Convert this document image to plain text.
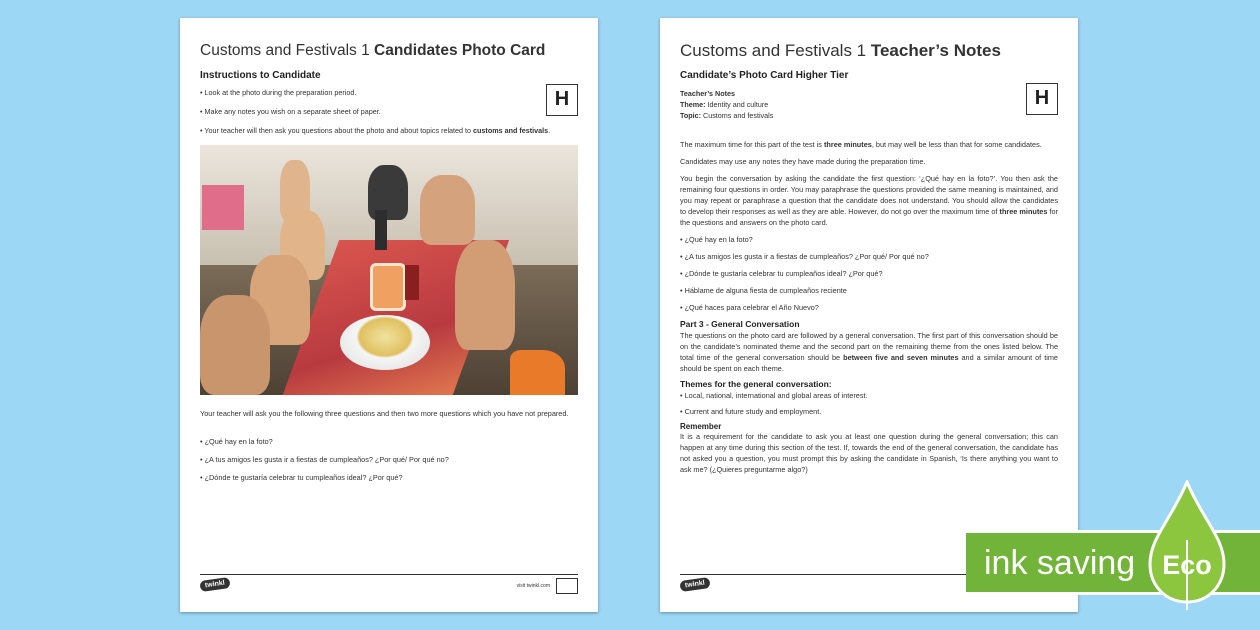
Customs and Festivals 1 Candidates Photo Card
Instructions to Candidate
H
• Look at the photo during the preparation period.
• Make any notes you wish on a separate sheet of paper.
• Your teacher will then ask you questions about the photo and about topics related to customs and festivals.
Your teacher will ask you the following three questions and then two more questions which you have not prepared.
• ¿Qué hay en la foto?
• ¿A tus amigos les gusta ir a fiestas de cumpleaños? ¿Por qué/ Por qué no?
• ¿Dónde te gustaría celebrar tu cumpleaños ideal? ¿Por qué?
twinkl	visit twinkl.com
Customs and Festivals 1 Teacher’s Notes
Candidate’s Photo Card Higher Tier
H
Teacher’s Notes
Theme: Identity and culture
Topic: Customs and festivals
The maximum time for this part of the test is three minutes, but may well be less than that for some candidates.
Candidates may use any notes they have made during the preparation time.
You begin the conversation by asking the candidate the first question: ‘¿Qué hay en la foto?’. You then ask the remaining four questions in order. You may paraphrase the questions provided the same meaning is maintained, and you may repeat or paraphrase a question that the candidate does not understand. You should allow the candidates to develop their responses as well as they are able. However, do not go over the maximum time of three minutes for the questions and answers on the photo card.
• ¿Qué hay en la foto?
• ¿A tus amigos les gusta ir a fiestas de cumpleaños? ¿Por qué/ Por qué no?
• ¿Dónde te gustaría celebrar tu cumpleaños ideal? ¿Por qué?
• Háblame de alguna fiesta de cumpleaños reciente
• ¿Qué haces para celebrar el Año Nuevo?
Part 3 - General Conversation
The questions on the photo card are followed by a general conversation. The first part of this conversation should be on the candidate’s nominated theme and the second part on the remaining theme from the ones listed below. The total time of the general conversation should be between five and seven minutes and a similar amount of time should be spent on each theme.
Themes for the general conversation:
• Local, national, international and global areas of interest.
• Current and future study and employment.
Remember
It is a requirement for the candidate to ask you at least one question during the general conversation; this can happen at any time during this section of the test. If, towards the end of the general conversation, the candidate has not asked you a question, you must prompt this by asking the candidate in Spanish, ‘Is there anything you want to ask me? (¿Quieres preguntarme algo?)
twinkl
ink saving Eco
